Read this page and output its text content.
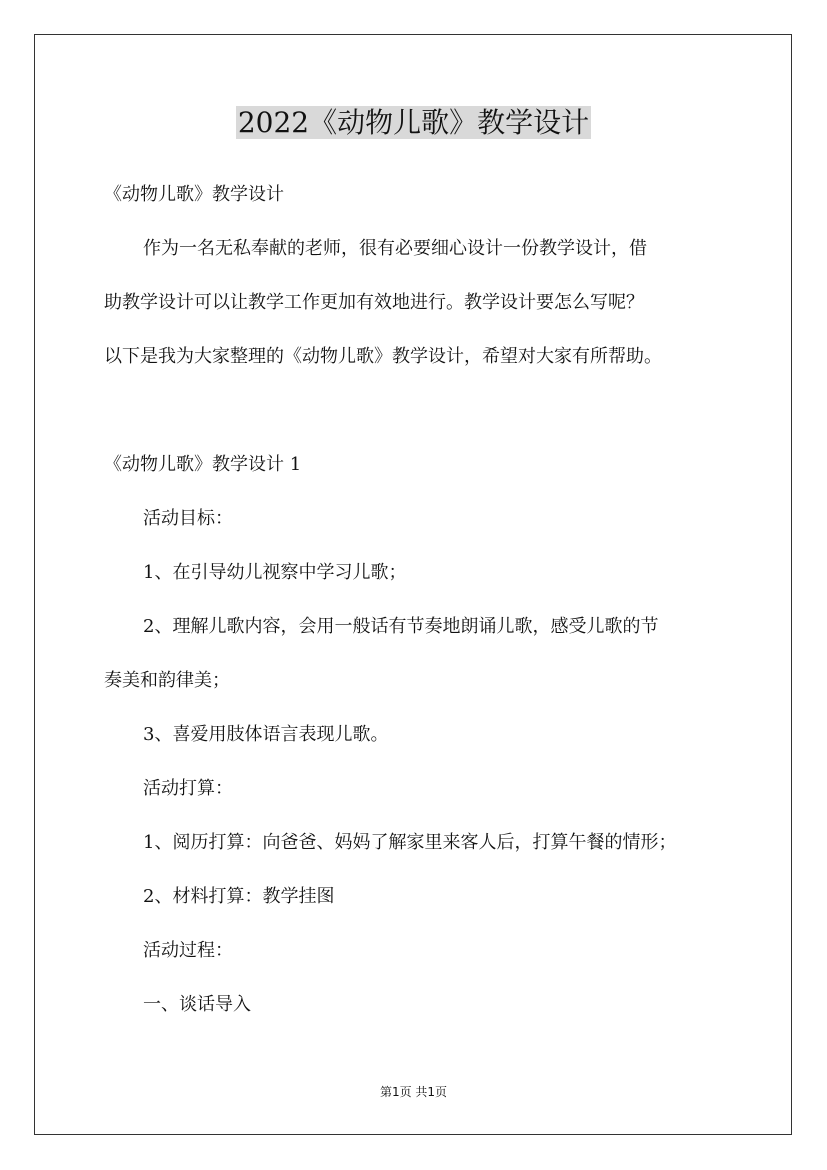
2022《动物儿歌》教学设计

《动物儿歌》教学设计

作为一名无私奉献的老师，很有必要细心设计一份教学设计，借

助教学设计可以让教学工作更加有效地进行。教学设计要怎么写呢？

以下是我为大家整理的《动物儿歌》教学设计，希望对大家有所帮助。

《动物儿歌》教学设计 1

活动目标：

1、在引导幼儿视察中学习儿歌；

2、理解儿歌内容，会用一般话有节奏地朗诵儿歌，感受儿歌的节

奏美和韵律美；

3、喜爱用肢体语言表现儿歌。

活动打算：

1、阅历打算：向爸爸、妈妈了解家里来客人后，打算午餐的情形；

2、材料打算：教学挂图

活动过程：

一、谈话导入

第1页 共1页
